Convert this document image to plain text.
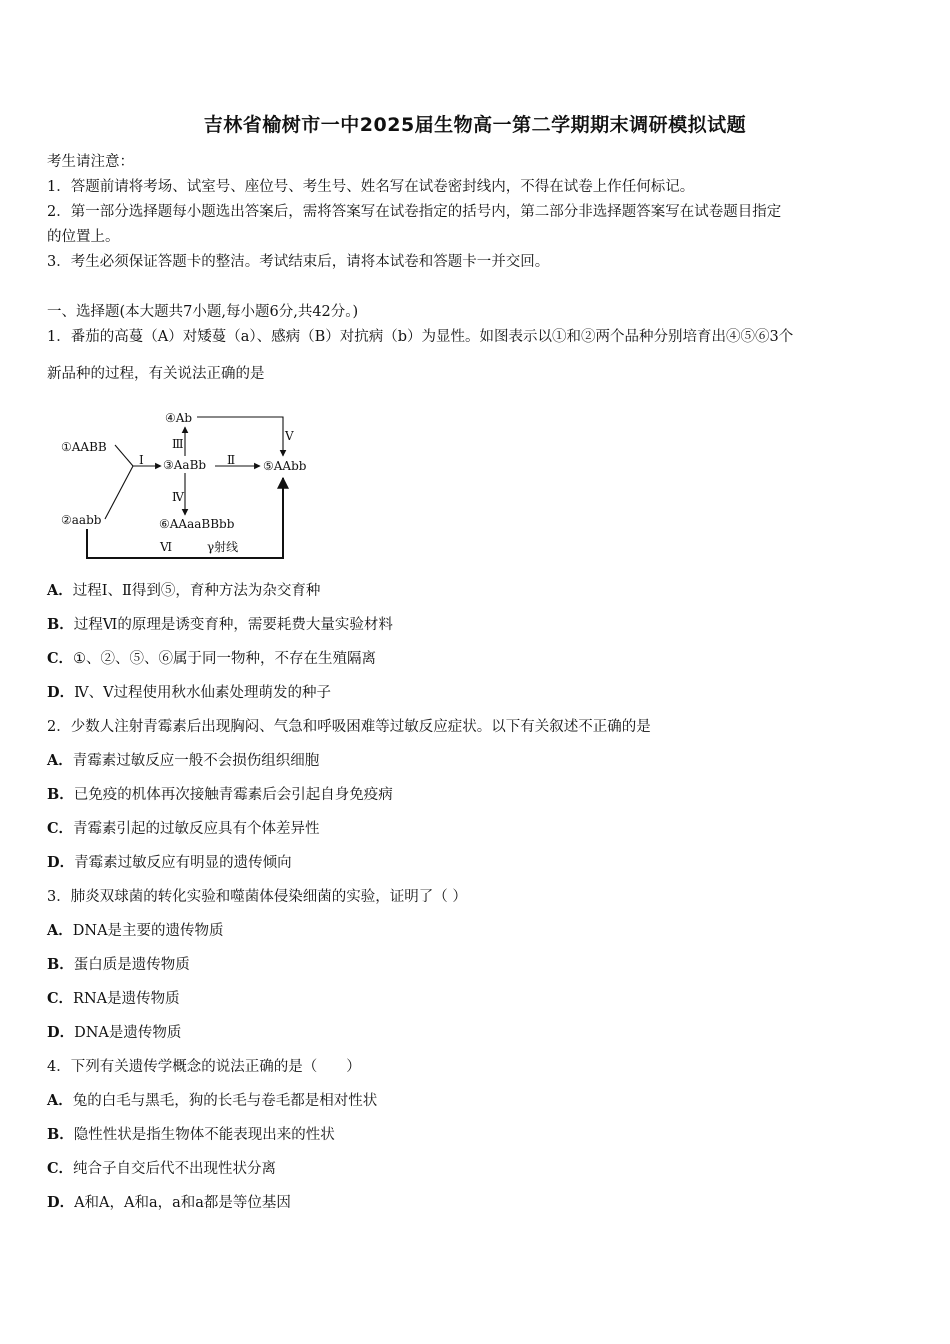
吉林省榆树市一中2025届生物高一第二学期期末调研模拟试题
考生请注意：
1．答题前请将考场、试室号、座位号、考生号、姓名写在试卷密封线内，不得在试卷上作任何标记。
2．第一部分选择题每小题选出答案后，需将答案写在试卷指定的括号内，第二部分非选择题答案写在试卷题目指定
的位置上。
3．考生必须保证答题卡的整洁。考试结束后，请将本试卷和答题卡一并交回。
一、选择题(本大题共7小题,每小题6分,共42分。)
1．番茄的高蔓（A）对矮蔓（a）、感病（B）对抗病（b）为显性。如图表示以①和②两个品种分别培育出④⑤⑥3个
新品种的过程，有关说法正确的是
①AABB
②aabb
③AaBb
④Ab
⑤AAbb
⑥AAaaBBbb
Ⅰ	Ⅱ
Ⅲ
Ⅳ
Ⅴ
Ⅵ	γ射线
A．过程Ⅰ、Ⅱ得到⑤，育种方法为杂交育种
B．过程Ⅵ的原理是诱变育种，需要耗费大量实验材料
C．①、②、⑤、⑥属于同一物种，不存在生殖隔离
D．Ⅳ、Ⅴ过程使用秋水仙素处理萌发的种子
2．少数人注射青霉素后出现胸闷、气急和呼吸困难等过敏反应症状。以下有关叙述不正确的是
A．青霉素过敏反应一般不会损伤组织细胞
B．已免疫的机体再次接触青霉素后会引起自身免疫病
C．青霉素引起的过敏反应具有个体差异性
D．青霉素过敏反应有明显的遗传倾向
3．肺炎双球菌的转化实验和噬菌体侵染细菌的实验，证明了（ ）
A．DNA是主要的遗传物质
B．蛋白质是遗传物质
C．RNA是遗传物质
D．DNA是遗传物质
4．下列有关遗传学概念的说法正确的是（　　）
A．兔的白毛与黑毛，狗的长毛与卷毛都是相对性状
B．隐性性状是指生物体不能表现出来的性状
C．纯合子自交后代不出现性状分离
D．A和A，A和a，a和a都是等位基因
